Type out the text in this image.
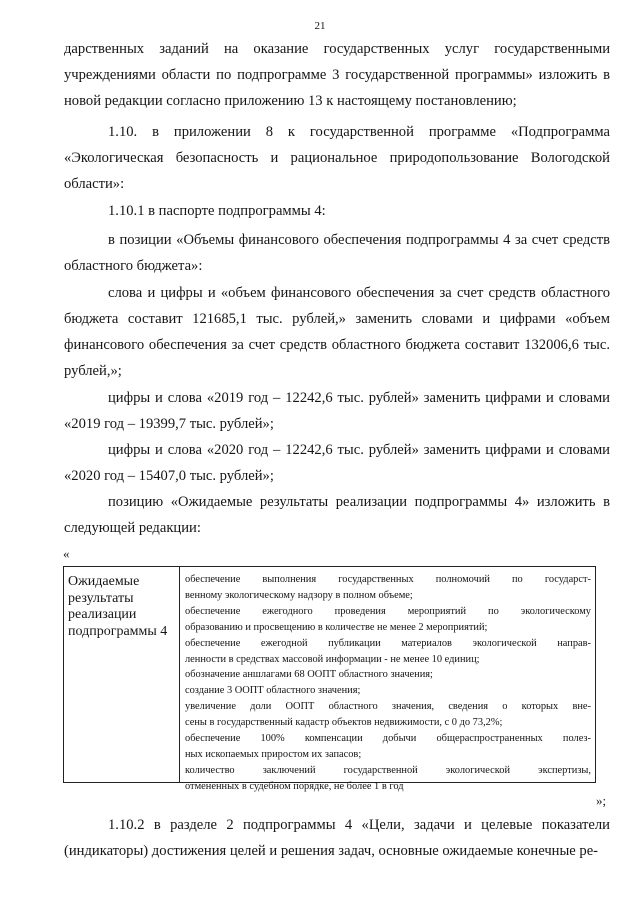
21
дарственных заданий на оказание государственных услуг государственными учреждениями области по подпрограмме 3 государственной программы» изложить в новой редакции согласно приложению 13 к настоящему постановлению;
1.10. в приложении 8 к государственной программе «Подпрограмма «Экологическая безопасность и рациональное природопользование Вологодской области»:
1.10.1 в паспорте подпрограммы 4:
в позиции «Объемы финансового обеспечения подпрограммы 4 за счет средств областного бюджета»:
слова и цифры и «объем финансового обеспечения за счет средств областного бюджета составит 121685,1 тыс. рублей,» заменить словами и цифрами «объем финансового обеспечения за счет средств областного бюджета составит 132006,6 тыс. рублей,»;
цифры и слова «2019 год – 12242,6 тыс. рублей» заменить цифрами и словами «2019 год – 19399,7 тыс. рублей»;
цифры и слова «2020 год – 12242,6 тыс. рублей» заменить цифрами и словами «2020 год – 15407,0 тыс. рублей»;
позицию «Ожидаемые результаты реализации подпрограммы 4» изложить в следующей редакции:
«
Ожидаемые результаты реализации подпрограммы 4
обеспечение выполнения государственных полномочий по государст-
венному экологическому надзору в полном объеме;
обеспечение ежегодного проведения мероприятий по экологическому
образованию и просвещению в количестве не менее 2 мероприятий;
обеспечение ежегодной публикации материалов экологической направ-
ленности в средствах массовой информации - не менее 10 единиц;
обозначение аншлагами 68 ООПТ областного значения;
создание 3 ООПТ областного значения;
увеличение доли ООПТ областного значения, сведения о которых вне-
сены в государственный кадастр объектов недвижимости, с 0 до 73,2%;
обеспечение 100% компенсации добычи общераспространенных полез-
ных ископаемых приростом их запасов;
количество заключений государственной экологической экспертизы,
отмененных в судебном порядке, не более 1 в год
»;
1.10.2 в разделе 2 подпрограммы 4 «Цели, задачи и целевые показатели (индикаторы) достижения целей и решения задач, основные ожидаемые конечные ре-
